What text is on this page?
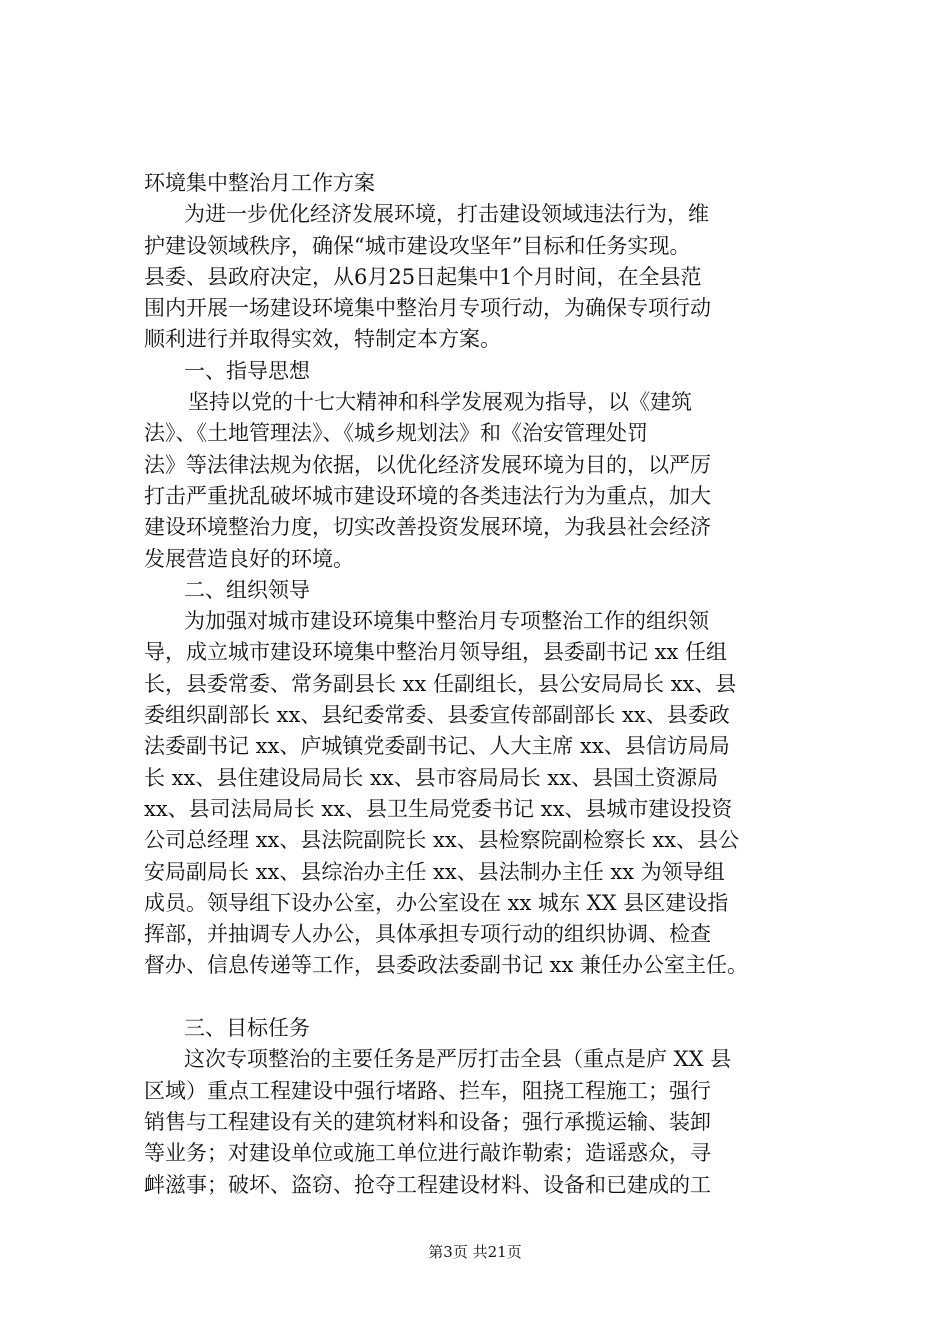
环境集中整治月工作方案
为进一步优化经济发展环境，打击建设领域违法行为，维
护建设领域秩序，确保“城市建设攻坚年”目标和任务实现。
县委、县政府决定，从6月25日起集中1个月时间，在全县范
围内开展一场建设环境集中整治月专项行动，为确保专项行动
顺利进行并取得实效，特制定本方案。
一、指导思想
坚持以党的十七大精神和科学发展观为指导，以《建筑
法》、《土地管理法》、《城乡规划法》和《治安管理处罚
法》等法律法规为依据，以优化经济发展环境为目的，以严厉
打击严重扰乱破坏城市建设环境的各类违法行为为重点，加大
建设环境整治力度，切实改善投资发展环境，为我县社会经济
发展营造良好的环境。
二、组织领导
为加强对城市建设环境集中整治月专项整治工作的组织领
导，成立城市建设环境集中整治月领导组，县委副书记 xx 任组
长，县委常委、常务副县长 xx 任副组长，县公安局局长 xx、县
委组织副部长 xx、县纪委常委、县委宣传部副部长 xx、县委政
法委副书记 xx、庐城镇党委副书记、人大主席 xx、县信访局局
长 xx、县住建设局局长 xx、县市容局局长 xx、县国土资源局
xx、县司法局局长 xx、县卫生局党委书记 xx、县城市建设投资
公司总经理 xx、县法院副院长 xx、县检察院副检察长 xx、县公
安局副局长 xx、县综治办主任 xx、县法制办主任 xx 为领导组
成员。领导组下设办公室，办公室设在 xx 城东 XX 县区建设指
挥部，并抽调专人办公，具体承担专项行动的组织协调、检查
督办、信息传递等工作，县委政法委副书记 xx 兼任办公室主任。
三、目标任务
这次专项整治的主要任务是严厉打击全县（重点是庐 XX 县
区域）重点工程建设中强行堵路、拦车，阻挠工程施工；强行
销售与工程建设有关的建筑材料和设备；强行承揽运输、装卸
等业务；对建设单位或施工单位进行敲诈勒索；造谣惑众，寻
衅滋事；破坏、盗窃、抢夺工程建设材料、设备和已建成的工
第3页 共21页
